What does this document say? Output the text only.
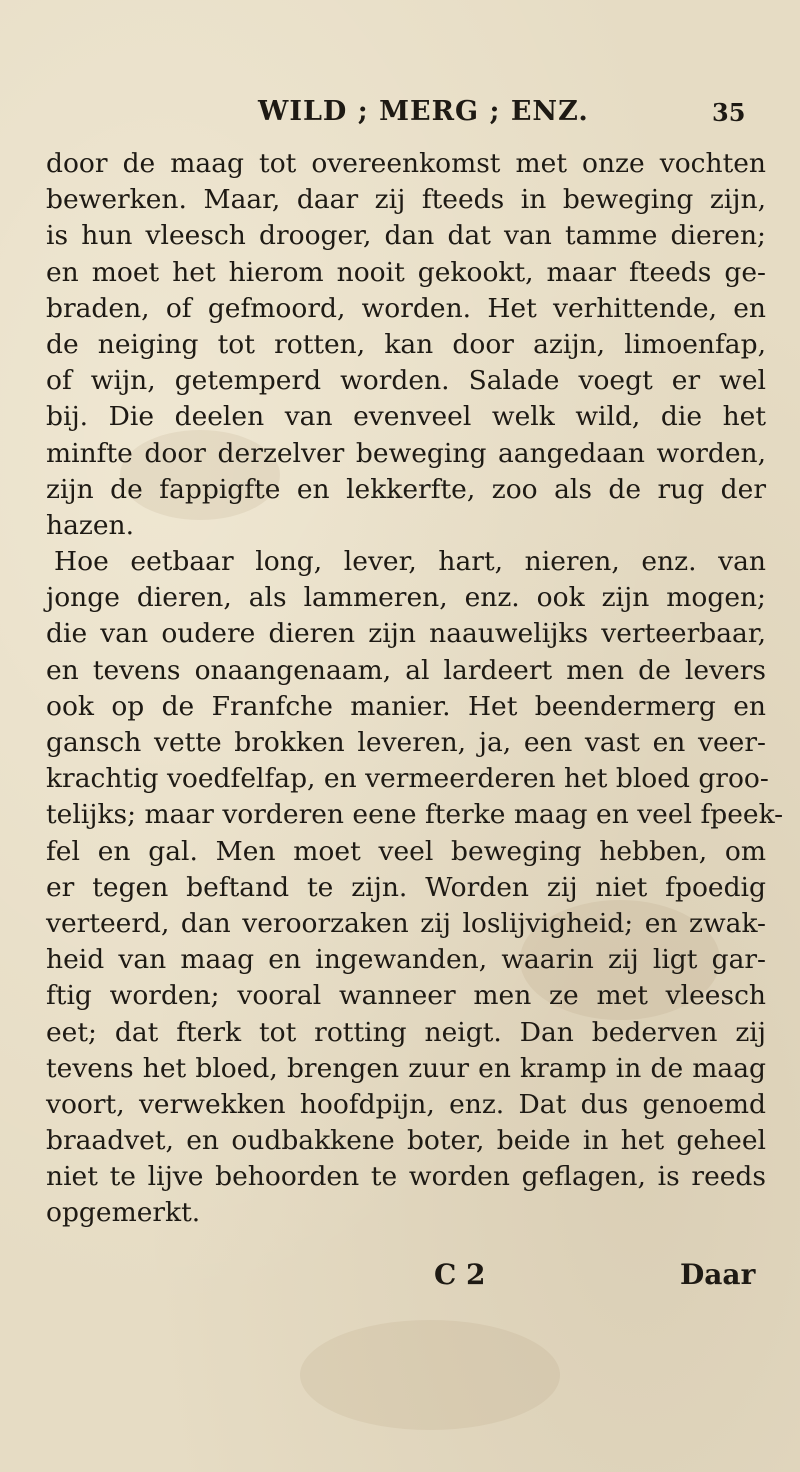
WILD ; MERG ; ENZ.	35
door de maag tot overeenkomst met onze vochten
bewerken. Maar, daar zij fteeds in beweging zijn,
is hun vleesch drooger, dan dat van tamme dieren;
en moet het hierom nooit gekookt, maar fteeds ge-
braden, of gefmoord, worden. Het verhittende, en
de neiging tot rotten, kan door azijn, limoenfap,
of wijn, getemperd worden. Salade voegt er wel
bij. Die deelen van evenveel welk wild, die het
minfte door derzelver beweging aangedaan worden,
zijn de fappigfte en lekkerfte, zoo als de rug der
hazen.
Hoe eetbaar long, lever, hart, nieren, enz. van
jonge dieren, als lammeren, enz. ook zijn mogen;
die van oudere dieren zijn naauwelijks verteerbaar,
en tevens onaangenaam, al lardeert men de levers
ook op de Franfche manier. Het beendermerg en
gansch vette brokken leveren, ja, een vast en veer-
krachtig voedfelfap, en vermeerderen het bloed groo-
telijks; maar vorderen eene fterke maag en veel fpeek-
fel en gal. Men moet veel beweging hebben, om
er tegen beftand te zijn. Worden zij niet fpoedig
verteerd, dan veroorzaken zij loslijvigheid; en zwak-
heid van maag en ingewanden, waarin zij ligt gar-
ftig worden; vooral wanneer men ze met vleesch
eet; dat fterk tot rotting neigt. Dan bederven zij
tevens het bloed, brengen zuur en kramp in de maag
voort, verwekken hoofdpijn, enz. Dat dus genoemd
braadvet, en oudbakkene boter, beide in het geheel
niet te lijve behoorden te worden geflagen, is reeds
opgemerkt.
C 2	Daar
